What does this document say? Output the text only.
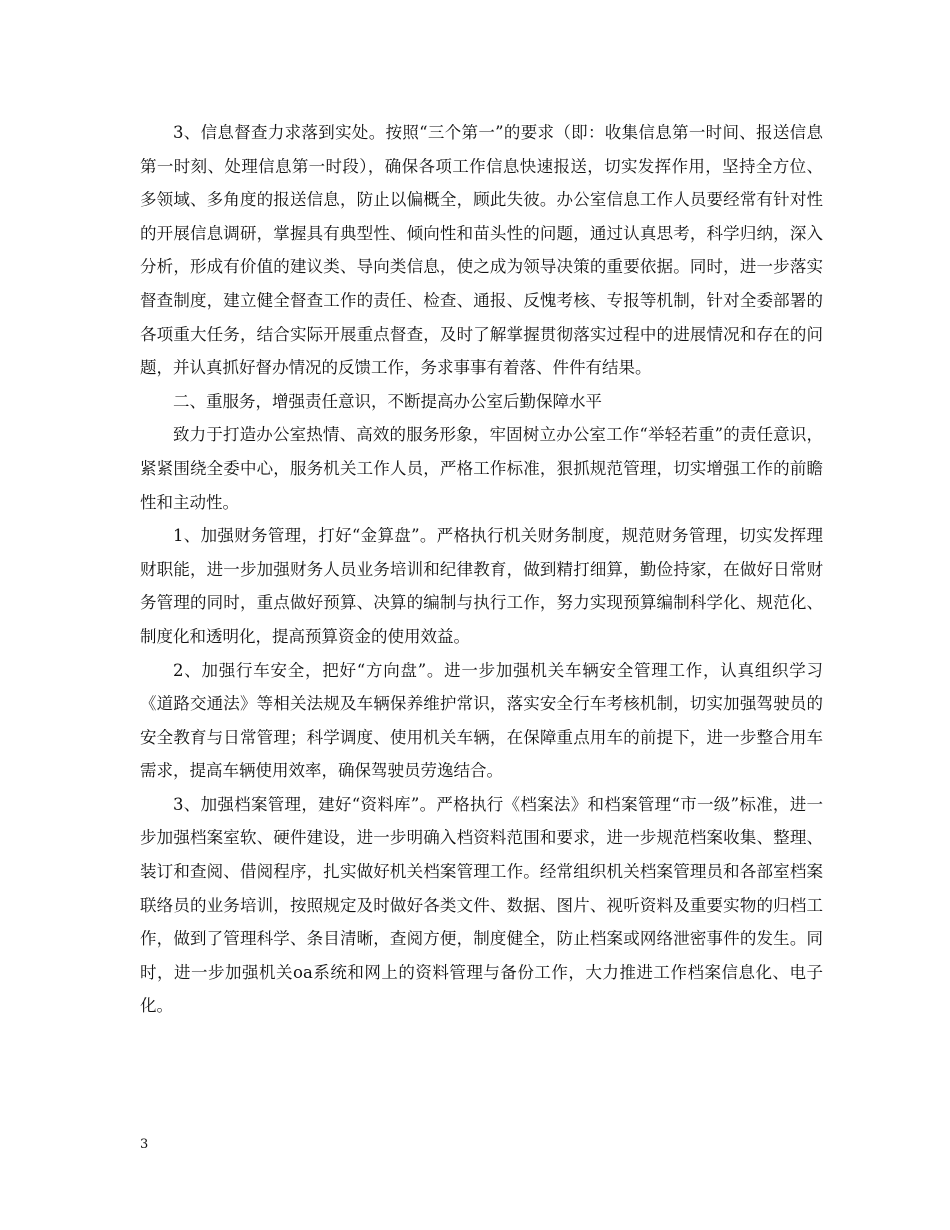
3、信息督查力求落到实处。按照“三个第一”的要求（即：收集信息第一时间、报送信息第一时刻、处理信息第一时段），确保各项工作信息快速报送，切实发挥作用，坚持全方位、多领域、多角度的报送信息，防止以偏概全，顾此失彼。办公室信息工作人员要经常有针对性的开展信息调研，掌握具有典型性、倾向性和苗头性的问题，通过认真思考，科学归纳，深入分析，形成有价值的建议类、导向类信息，使之成为领导决策的重要依据。同时，进一步落实督查制度，建立健全督查工作的责任、检查、通报、反愧考核、专报等机制，针对全委部署的各项重大任务，结合实际开展重点督查，及时了解掌握贯彻落实过程中的进展情况和存在的问题，并认真抓好督办情况的反馈工作，务求事事有着落、件件有结果。

二、重服务，增强责任意识，不断提高办公室后勤保障水平

致力于打造办公室热情、高效的服务形象，牢固树立办公室工作“举轻若重”的责任意识，紧紧围绕全委中心，服务机关工作人员，严格工作标准，狠抓规范管理，切实增强工作的前瞻性和主动性。

1、加强财务管理，打好“金算盘”。严格执行机关财务制度，规范财务管理，切实发挥理财职能，进一步加强财务人员业务培训和纪律教育，做到精打细算，勤俭持家，在做好日常财务管理的同时，重点做好预算、决算的编制与执行工作，努力实现预算编制科学化、规范化、制度化和透明化，提高预算资金的使用效益。

2、加强行车安全，把好“方向盘”。进一步加强机关车辆安全管理工作，认真组织学习《道路交通法》等相关法规及车辆保养维护常识，落实安全行车考核机制，切实加强驾驶员的安全教育与日常管理；科学调度、使用机关车辆，在保障重点用车的前提下，进一步整合用车需求，提高车辆使用效率，确保驾驶员劳逸结合。

3、加强档案管理，建好“资料库”。严格执行《档案法》和档案管理“市一级”标准，进一步加强档案室软、硬件建设，进一步明确入档资料范围和要求，进一步规范档案收集、整理、装订和查阅、借阅程序，扎实做好机关档案管理工作。经常组织机关档案管理员和各部室档案联络员的业务培训，按照规定及时做好各类文件、数据、图片、视听资料及重要实物的归档工作，做到了管理科学、条目清晰，查阅方便，制度健全，防止档案或网络泄密事件的发生。同时，进一步加强机关oa系统和网上的资料管理与备份工作，大力推进工作档案信息化、电子化。

3
